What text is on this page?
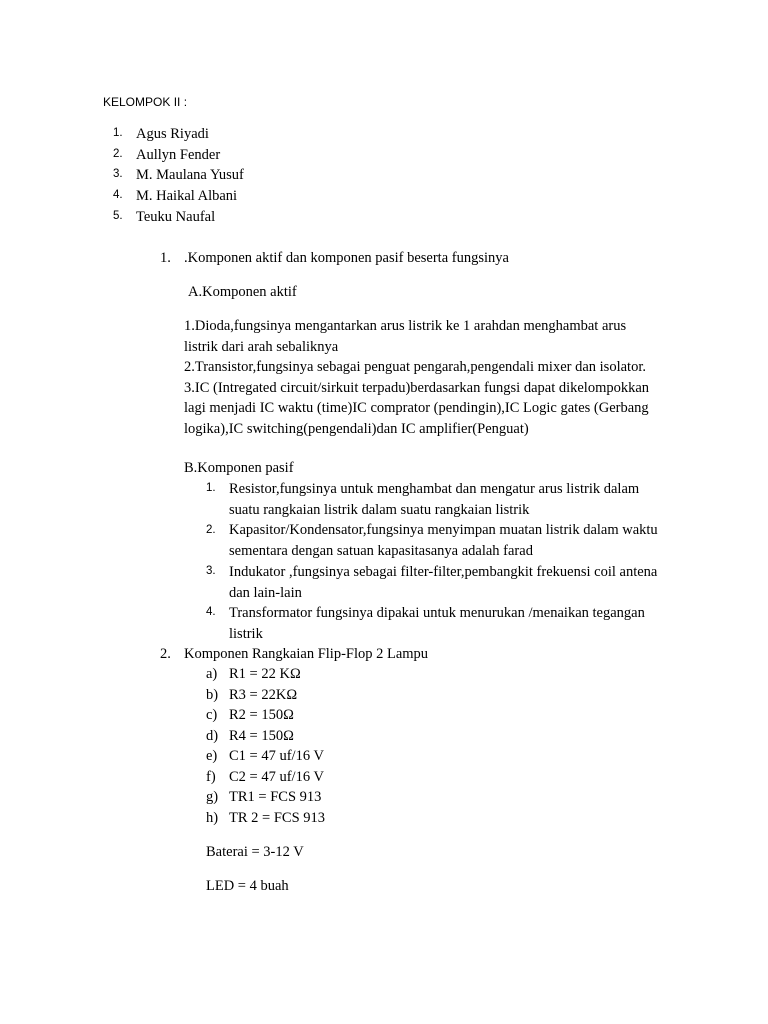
KELOMPOK II :
1. Agus Riyadi
2. Aullyn Fender
3. M. Maulana Yusuf
4. M. Haikal Albani
5. Teuku Naufal
1. .Komponen aktif dan komponen pasif beserta fungsinya
A.Komponen aktif
1.Dioda,fungsinya mengantarkan arus listrik ke 1 arahdan menghambat arus
listrik dari arah sebaliknya
2.Transistor,fungsinya sebagai penguat pengarah,pengendali mixer dan isolator.
3.IC (Intregated circuit/sirkuit terpadu)berdasarkan fungsi dapat dikelompokkan
lagi menjadi IC waktu (time)IC comprator (pendingin),IC Logic gates (Gerbang
logika),IC switching(pengendali)dan IC amplifier(Penguat)
B.Komponen pasif
1. Resistor,fungsinya untuk menghambat dan mengatur arus listrik dalam
suatu rangkaian listrik dalam suatu rangkaian listrik
2. Kapasitor/Kondensator,fungsinya menyimpan muatan listrik dalam waktu
sementara dengan satuan kapasitasanya adalah farad
3. Indukator ,fungsinya sebagai filter-filter,pembangkit frekuensi coil antena
dan lain-lain
4. Transformator fungsinya dipakai untuk menurukan /menaikan tegangan
listrik
2. Komponen Rangkaian Flip-Flop 2 Lampu
a) R1 = 22 KΩ
b) R3 = 22KΩ
c) R2 = 150Ω
d) R4 = 150Ω
e) C1 = 47 uf/16 V
f) C2 = 47 uf/16 V
g) TR1 = FCS 913
h) TR 2 = FCS 913
Baterai = 3-12 V
LED = 4 buah
